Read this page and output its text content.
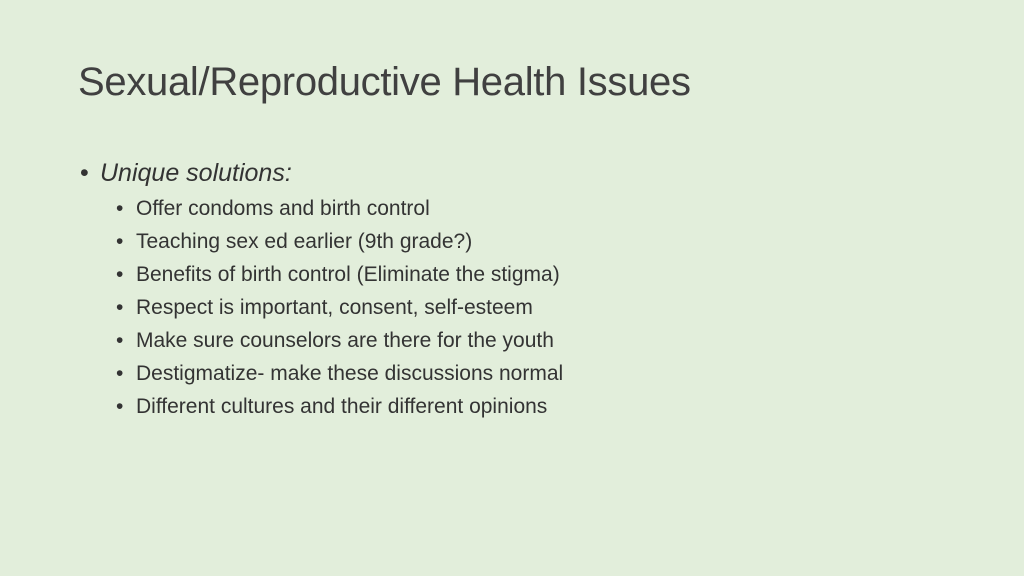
Sexual/Reproductive Health Issues
• Unique solutions:
• Offer condoms and birth control
• Teaching sex ed earlier (9th grade?)
• Benefits of birth control (Eliminate the stigma)
• Respect is important, consent, self-esteem
• Make sure counselors are there for the youth
• Destigmatize- make these discussions normal
• Different cultures and their different opinions
